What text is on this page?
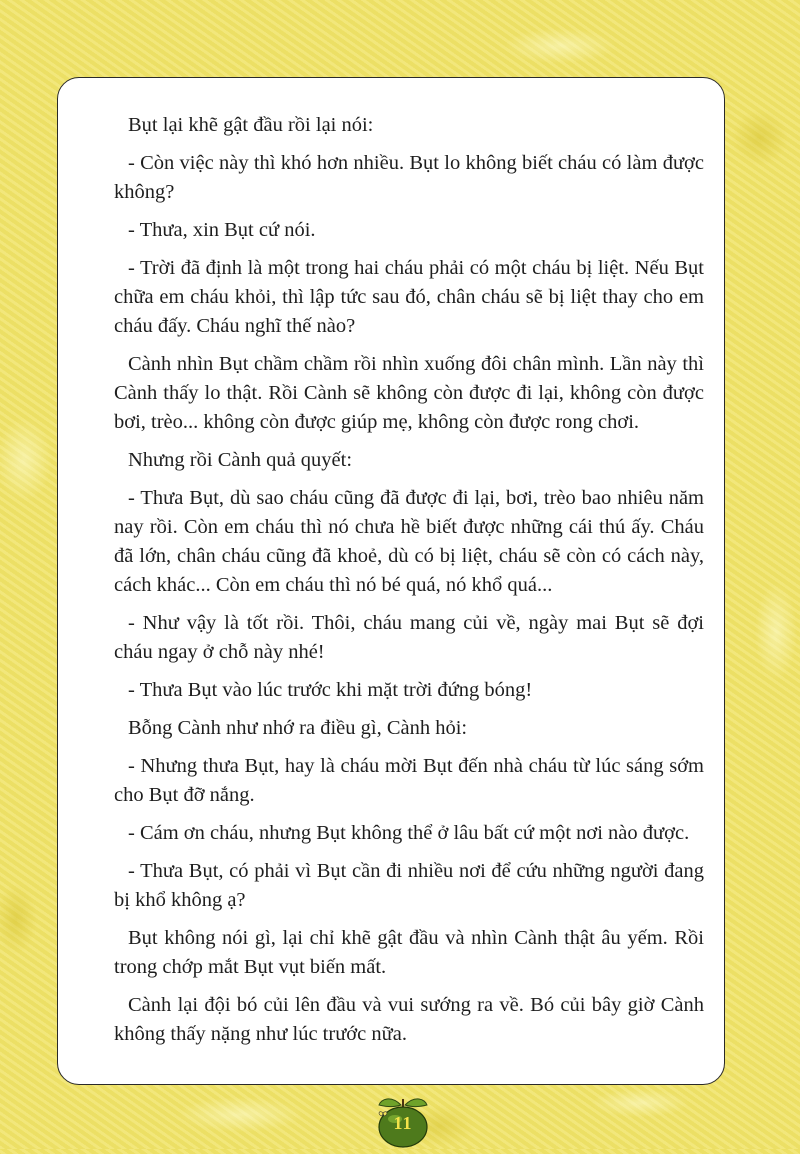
Bụt lại khẽ gật đầu rồi lại nói:

- Còn việc này thì khó hơn nhiều. Bụt lo không biết cháu có làm được không?

- Thưa, xin Bụt cứ nói.

- Trời đã định là một trong hai cháu phải có một cháu bị liệt. Nếu Bụt chữa em cháu khỏi, thì lập tức sau đó, chân cháu sẽ bị liệt thay cho em cháu đấy. Cháu nghĩ thế nào?

Cành nhìn Bụt chầm chầm rồi nhìn xuống đôi chân mình. Lần này thì Cành thấy lo thật. Rồi Cành sẽ không còn được đi lại, không còn được bơi, trèo... không còn được giúp mẹ, không còn được rong chơi.

Nhưng rồi Cành quả quyết:

- Thưa Bụt, dù sao cháu cũng đã được đi lại, bơi, trèo bao nhiêu năm nay rồi. Còn em cháu thì nó chưa hề biết được những cái thú ấy. Cháu đã lớn, chân cháu cũng đã khoẻ, dù có bị liệt, cháu sẽ còn có cách này, cách khác... Còn em cháu thì nó bé quá, nó khổ quá...

- Như vậy là tốt rồi. Thôi, cháu mang củi về, ngày mai Bụt sẽ đợi cháu ngay ở chỗ này nhé!

- Thưa Bụt vào lúc trước khi mặt trời đứng bóng!

Bỗng Cành như nhớ ra điều gì, Cành hỏi:

- Nhưng thưa Bụt, hay là cháu mời Bụt đến nhà cháu từ lúc sáng sớm cho Bụt đỡ nắng.

- Cám ơn cháu, nhưng Bụt không thể ở lâu bất cứ một nơi nào được.

- Thưa Bụt, có phải vì Bụt cần đi nhiều nơi để cứu những người đang bị khổ không ạ?

Bụt không nói gì, lại chỉ khẽ gật đầu và nhìn Cành thật âu yếm. Rồi trong chớp mắt Bụt vụt biến mất.

Cành lại đội bó củi lên đầu và vui sướng ra về. Bó củi bây giờ Cành không thấy nặng như lúc trước nữa.

11
